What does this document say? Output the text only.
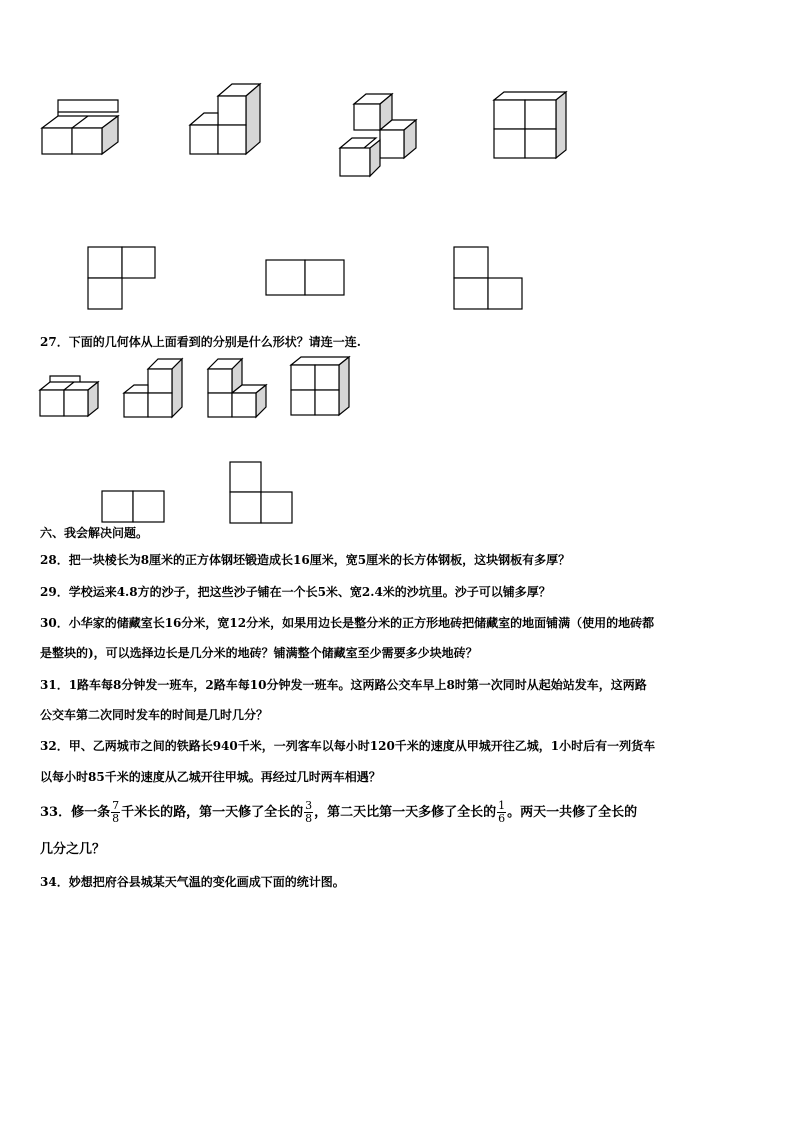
27．下面的几何体从上面看到的分别是什么形状？请连一连.
六、我会解决问题。
28．把一块棱长为8厘米的正方体钢坯锻造成长16厘米，宽5厘米的长方体钢板，这块钢板有多厚？
29．学校运来4.8方的沙子，把这些沙子铺在一个长5米、宽2.4米的沙坑里。沙子可以铺多厚？
30．小华家的储藏室长16分米，宽12分米，如果用边长是整分米的正方形地砖把储藏室的地面铺满（使用的地砖都
是整块的)，可以选择边长是几分米的地砖？铺满整个储藏室至少需要多少块地砖？
31．1路车每8分钟发一班车，2路车每10分钟发一班车。这两路公交车早上8时第一次同时从起始站发车，这两路
公交车第二次同时发车的时间是几时几分？
32．甲、乙两城市之间的铁路长940千米，一列客车以每小时120千米的速度从甲城开往乙城，1小时后有一列货车
以每小时85千米的速度从乙城开往甲城。再经过几时两车相遇？
33．修一条 $\frac{7}{8}$ 千米长的路，第一天修了全长的 $\frac{3}{8}$ ，第二天比第一天多修了全长的 $\frac{1}{6}$ 。两天一共修了全长的
几分之几？
34．妙想把府谷县城某天气温的变化画成下面的统计图。
